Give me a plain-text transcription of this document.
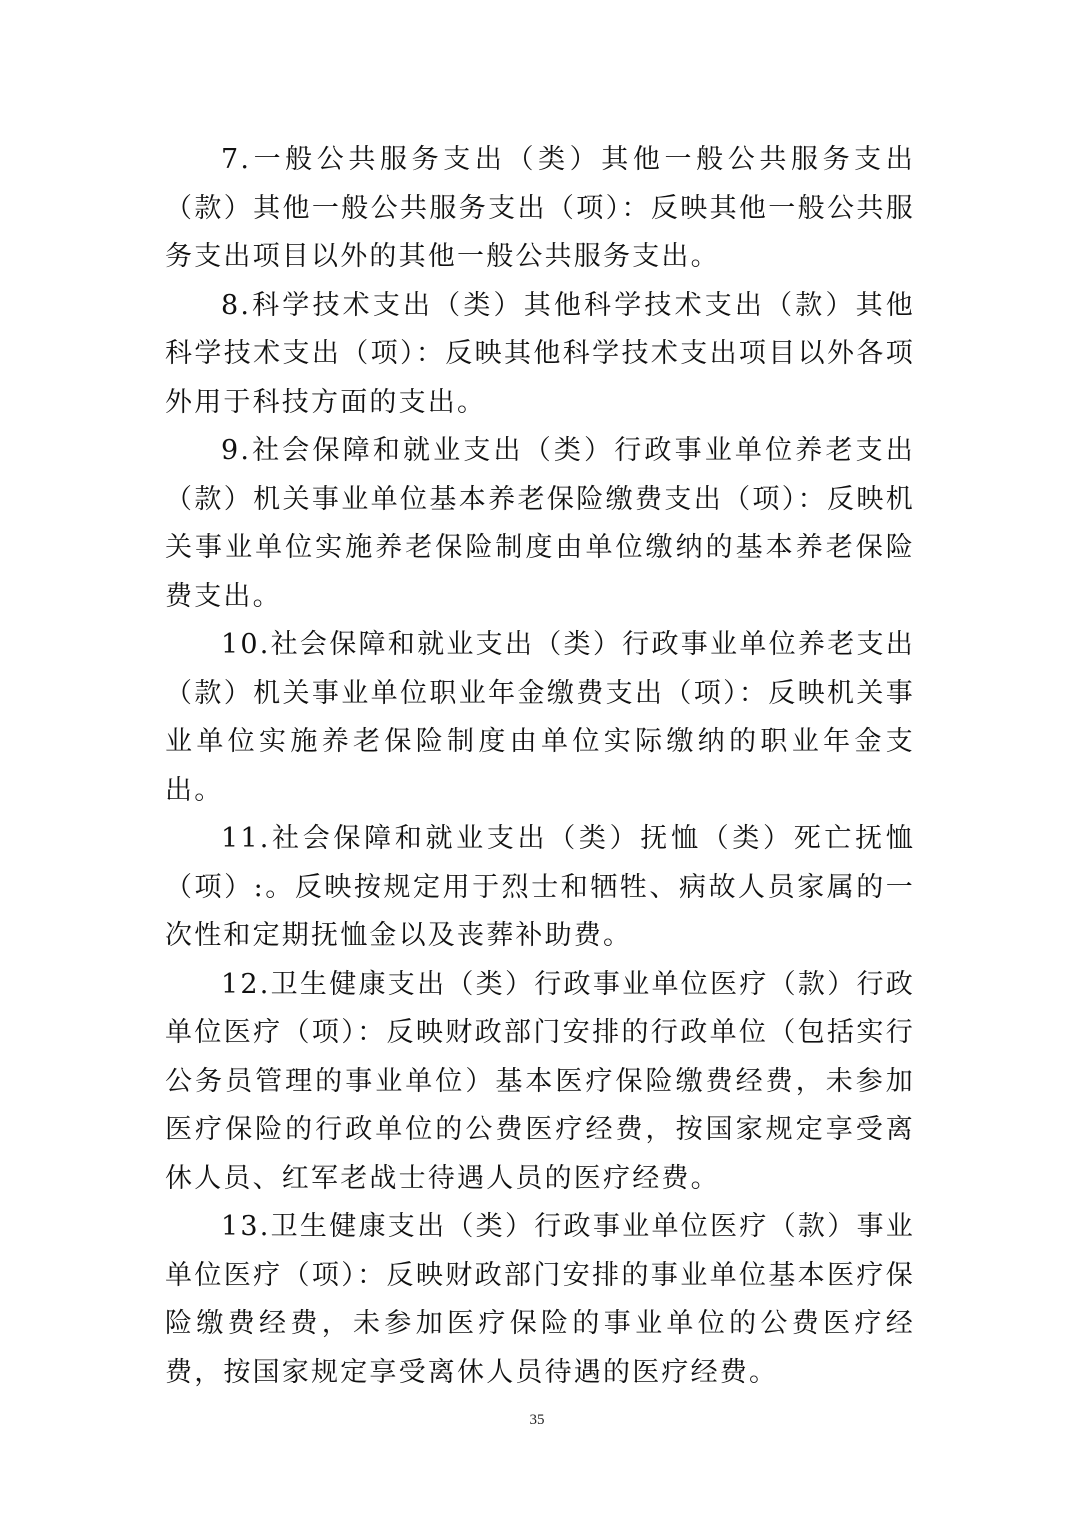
7.一般公共服务支出（类）其他一般公共服务支出（款）其他一般公共服务支出（项）：反映其他一般公共服务支出项目以外的其他一般公共服务支出。

8.科学技术支出（类）其他科学技术支出（款）其他科学技术支出（项）：反映其他科学技术支出项目以外各项外用于科技方面的支出。

9.社会保障和就业支出（类）行政事业单位养老支出（款）机关事业单位基本养老保险缴费支出（项）：反映机关事业单位实施养老保险制度由单位缴纳的基本养老保险费支出。

10.社会保障和就业支出（类）行政事业单位养老支出（款）机关事业单位职业年金缴费支出（项）：反映机关事业单位实施养老保险制度由单位实际缴纳的职业年金支出。

11.社会保障和就业支出（类）抚恤（类）死亡抚恤（项）:。反映按规定用于烈士和牺牲、病故人员家属的一次性和定期抚恤金以及丧葬补助费。

12.卫生健康支出（类）行政事业单位医疗（款）行政单位医疗（项）：反映财政部门安排的行政单位（包括实行公务员管理的事业单位）基本医疗保险缴费经费，未参加医疗保险的行政单位的公费医疗经费，按国家规定享受离休人员、红军老战士待遇人员的医疗经费。

13.卫生健康支出（类）行政事业单位医疗（款）事业单位医疗（项）：反映财政部门安排的事业单位基本医疗保险缴费经费，未参加医疗保险的事业单位的公费医疗经费，按国家规定享受离休人员待遇的医疗经费。

35
